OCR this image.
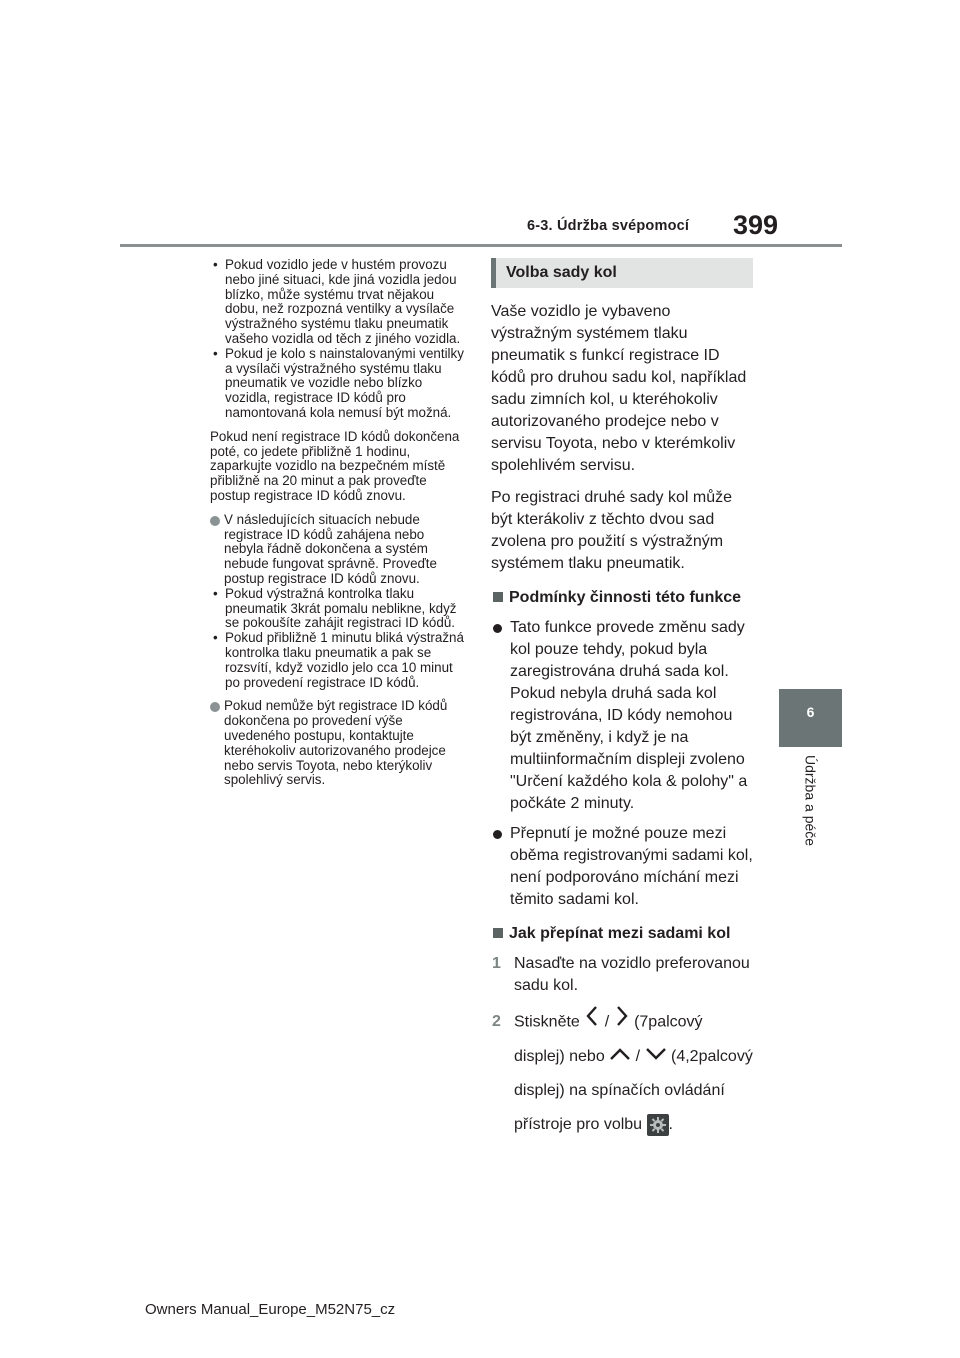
6-3. Údržba svépomocí 399
6
Údržba a péče
• Pokud vozidlo jede v hustém provozu nebo jiné situaci, kde jiná vozidla jedou blízko, může systému trvat nějakou dobu, než rozpozná ventilky a vysílače výstražného systému tlaku pneumatik vašeho vozidla od těch z jiného vozidla.
• Pokud je kolo s nainstalovanými ventilky a vysílači výstražného systému tlaku pneumatik ve vozidle nebo blízko vozidla, registrace ID kódů pro namontovaná kola nemusí být možná.
Pokud není registrace ID kódů dokončena poté, co jedete přibližně 1 hodinu, zaparkujte vozidlo na bezpečném místě přibližně na 20 minut a pak proveďte postup registrace ID kódů znovu.
V následujících situacích nebude registrace ID kódů zahájena nebo nebyla řádně dokončena a systém nebude fungovat správně. Proveďte postup registrace ID kódů znovu.
• Pokud výstražná kontrolka tlaku pneumatik 3krát pomalu neblikne, když se pokoušíte zahájit registraci ID kódů.
• Pokud přibližně 1 minutu bliká výstražná kontrolka tlaku pneumatik a pak se rozsvítí, když vozidlo jelo cca 10 minut po provedení registrace ID kódů.
Pokud nemůže být registrace ID kódů dokončena po provedení výše uvedeného postupu, kontaktujte kteréhokoliv autorizovaného prodejce nebo servis Toyota, nebo kterýkoliv spolehlivý servis.
Volba sady kol

Vaše vozidlo je vybaveno výstražným systémem tlaku pneumatik s funkcí registrace ID kódů pro druhou sadu kol, například sadu zimních kol, u kteréhokoliv autorizovaného prodejce nebo v servisu Toyota, nebo v kterémkoliv spolehlivém servisu.

Po registraci druhé sady kol může být kterákoliv z těchto dvou sad zvolena pro použití s výstražným systémem tlaku pneumatik.

Podmínky činnosti této funkce
Tato funkce provede změnu sady kol pouze tehdy, pokud byla zaregistrována druhá sada kol. Pokud nebyla druhá sada kol registrována, ID kódy nemohou být změněny, i když je na multiinformačním displeji zvoleno "Určení každého kola & polohy" a počkáte 2 minuty.
Přepnutí je možné pouze mezi oběma registrovanými sadami kol, není podporováno míchání mezi těmito sadami kol.
Jak přepínat mezi sadami kol
1 Nasaďte na vozidlo preferovanou sadu kol.
2 Stiskněte / (7palcový displej) nebo / (4,2palcový displej) na spínačích ovládání přístroje pro volbu .
Owners Manual_Europe_M52N75_cz
